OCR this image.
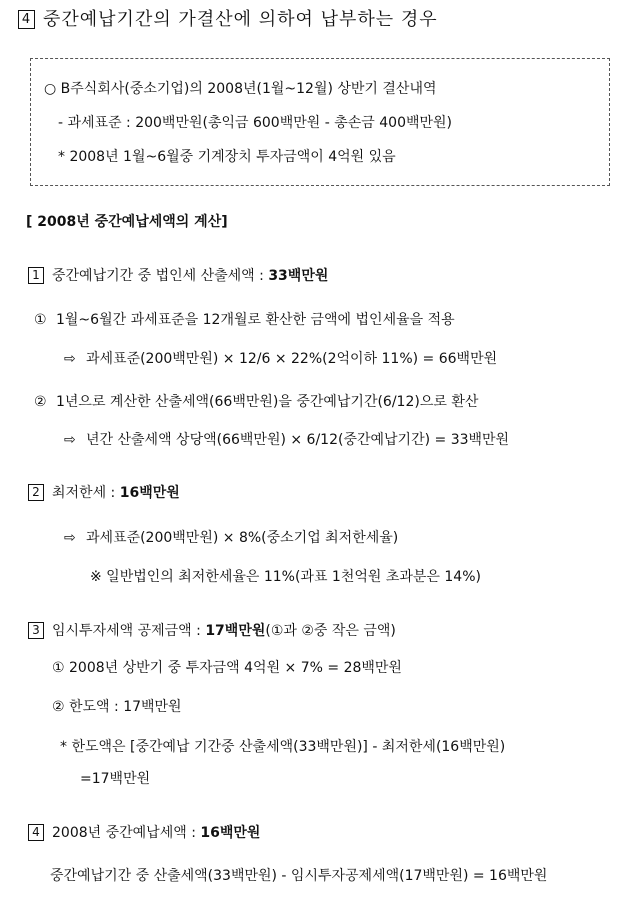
4 중간예납기간의 가결산에 의하여 납부하는 경우
○ B주식회사(중소기업)의 2008년(1월~12월) 상반기 결산내역
- 과세표준 : 200백만원(총익금 600백만원 - 총손금 400백만원)
* 2008년 1월~6월중 기계장치 투자금액이 4억원 있음
[ 2008년 중간예납세액의 계산]
1 중간예납기간 중 법인세 산출세액 : 33백만원
① 1월~6월간 과세표준을 12개월로 환산한 금액에 법인세율을 적용
⇨ 과세표준(200백만원) × 12/6 × 22%(2억이하 11%) = 66백만원
② 1년으로 계산한 산출세액(66백만원)을 중간예납기간(6/12)으로 환산
⇨ 년간 산출세액 상당액(66백만원) × 6/12(중간예납기간) = 33백만원
2 최저한세 : 16백만원
⇨ 과세표준(200백만원) × 8%(중소기업 최저한세율)
※ 일반법인의 최저한세율은 11%(과표 1천억원 초과분은 14%)
3 임시투자세액 공제금액 : 17백만원(①과 ②중 작은 금액)
① 2008년 상반기 중 투자금액 4억원 × 7% = 28백만원
② 한도액 : 17백만원
* 한도액은 [중간예납 기간중 산출세액(33백만원)] - 최저한세(16백만원)
=17백만원
4 2008년 중간예납세액 : 16백만원
중간예납기간 중 산출세액(33백만원) - 임시투자공제세액(17백만원) = 16백만원
